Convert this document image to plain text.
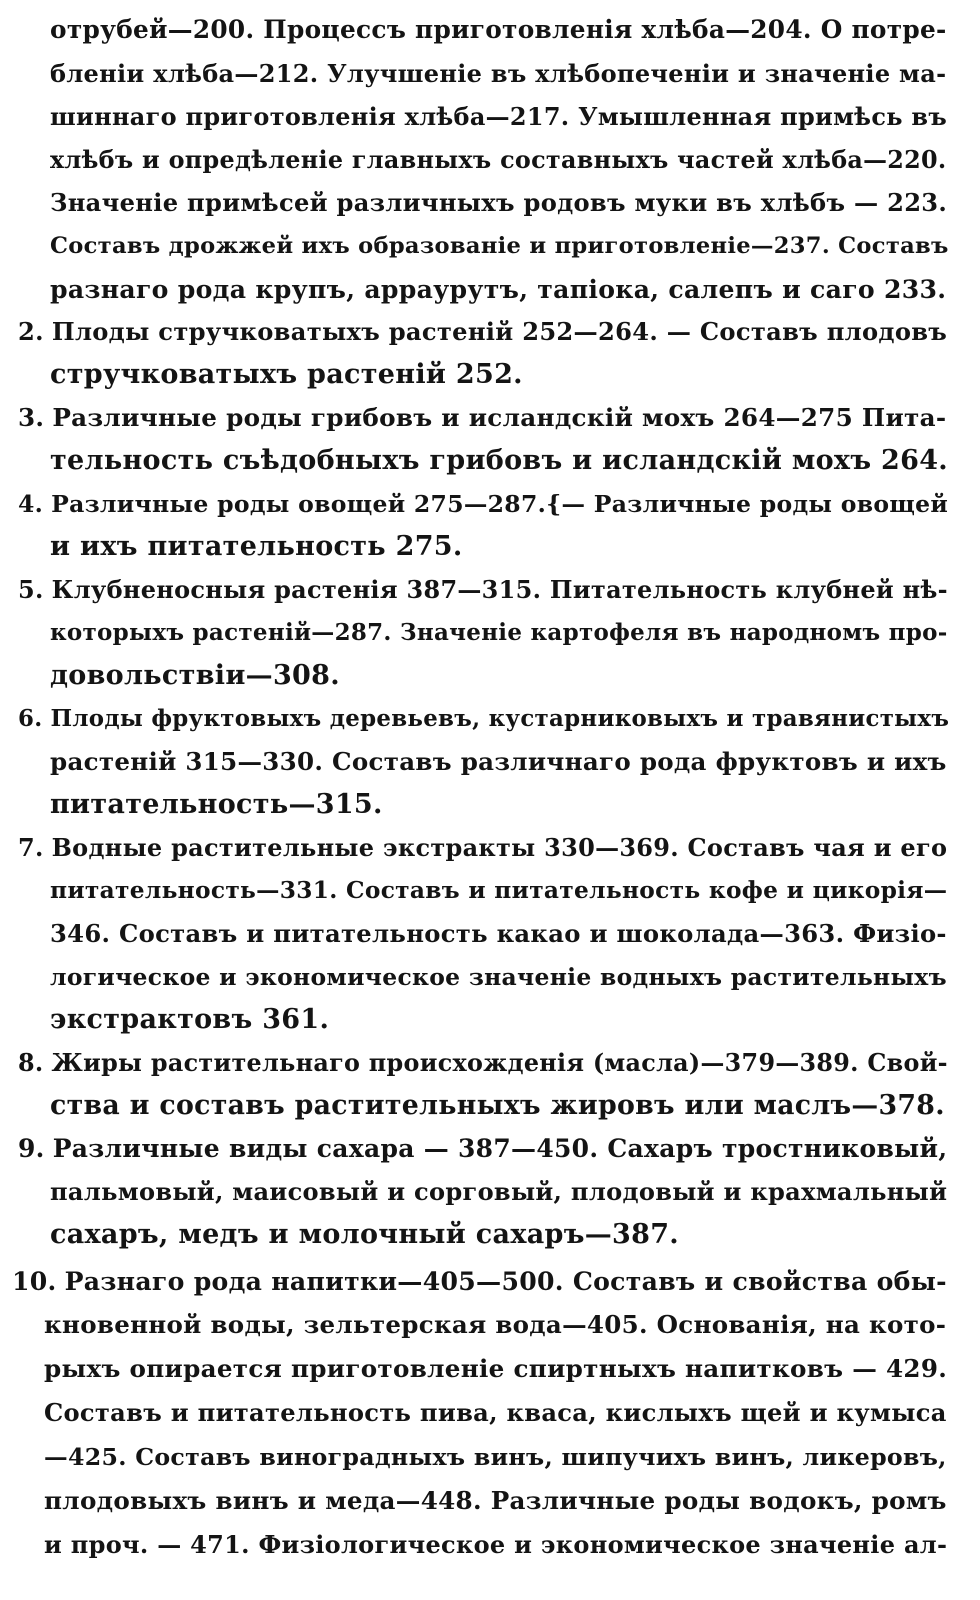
отрубей—200. Процессъ приготовленія хлѣба—204. О потре-
бленіи хлѣба—212. Улучшеніе въ хлѣбопеченіи и значеніе ма-
шиннаго приготовленія хлѣба—217. Умышленная примѣсь въ
хлѣбъ и опредѣленіе главныхъ составныхъ частей хлѣба—220.
Значеніе примѣсей различныхъ родовъ муки въ хлѣбъ — 223.
Составъ дрожжей ихъ образованіе и приготовленіе—237. Составъ
разнаго рода крупъ, арраурутъ, тапіока, салепъ и саго 233.
2. Плоды стручковатыхъ растеній 252—264. — Составъ плодовъ
стручковатыхъ растеній 252.
3. Различные роды грибовъ и исландскій мохъ 264—275 Пита-
тельность съѣдобныхъ грибовъ и исландскій мохъ 264.
4. Различные роды овощей 275—287.{— Различные роды овощей
и ихъ питательность 275.
5. Клубненосныя растенія 387—315. Питательность клубней нѣ-
которыхъ растеній—287. Значеніе картофеля въ народномъ про-
довольствіи—308.
6. Плоды фруктовыхъ деревьевъ, кустарниковыхъ и травянистыхъ
растеній 315—330. Составъ различнаго рода фруктовъ и ихъ
питательность—315.
7. Водные растительные экстракты 330—369. Составъ чая и его
питательность—331. Составъ и питательность кофе и цикорія—
346. Составъ и питательность какао и шоколада—363. Физіо-
логическое и экономическое значеніе водныхъ растительныхъ
экстрактовъ 361.
8. Жиры растительнаго происхожденія (масла)—379—389. Свой-
ства и составъ растительныхъ жировъ или маслъ—378.
9. Различные виды сахара — 387—450. Сахаръ тростниковый,
пальмовый, маисовый и сорговый, плодовый и крахмальный
сахаръ, медъ и молочный сахаръ—387.
10. Разнаго рода напитки—405—500. Составъ и свойства обы-
кновенной воды, зельтерская вода—405. Основанія, на кото-
рыхъ опирается приготовленіе спиртныхъ напитковъ — 429.
Составъ и питательность пива, кваса, кислыхъ щей и кумыса
—425. Составъ виноградныхъ винъ, шипучихъ винъ, ликеровъ,
плодовыхъ винъ и меда—448. Различные роды водокъ, ромъ
и проч. — 471. Физіологическое и экономическое значеніе ал-
